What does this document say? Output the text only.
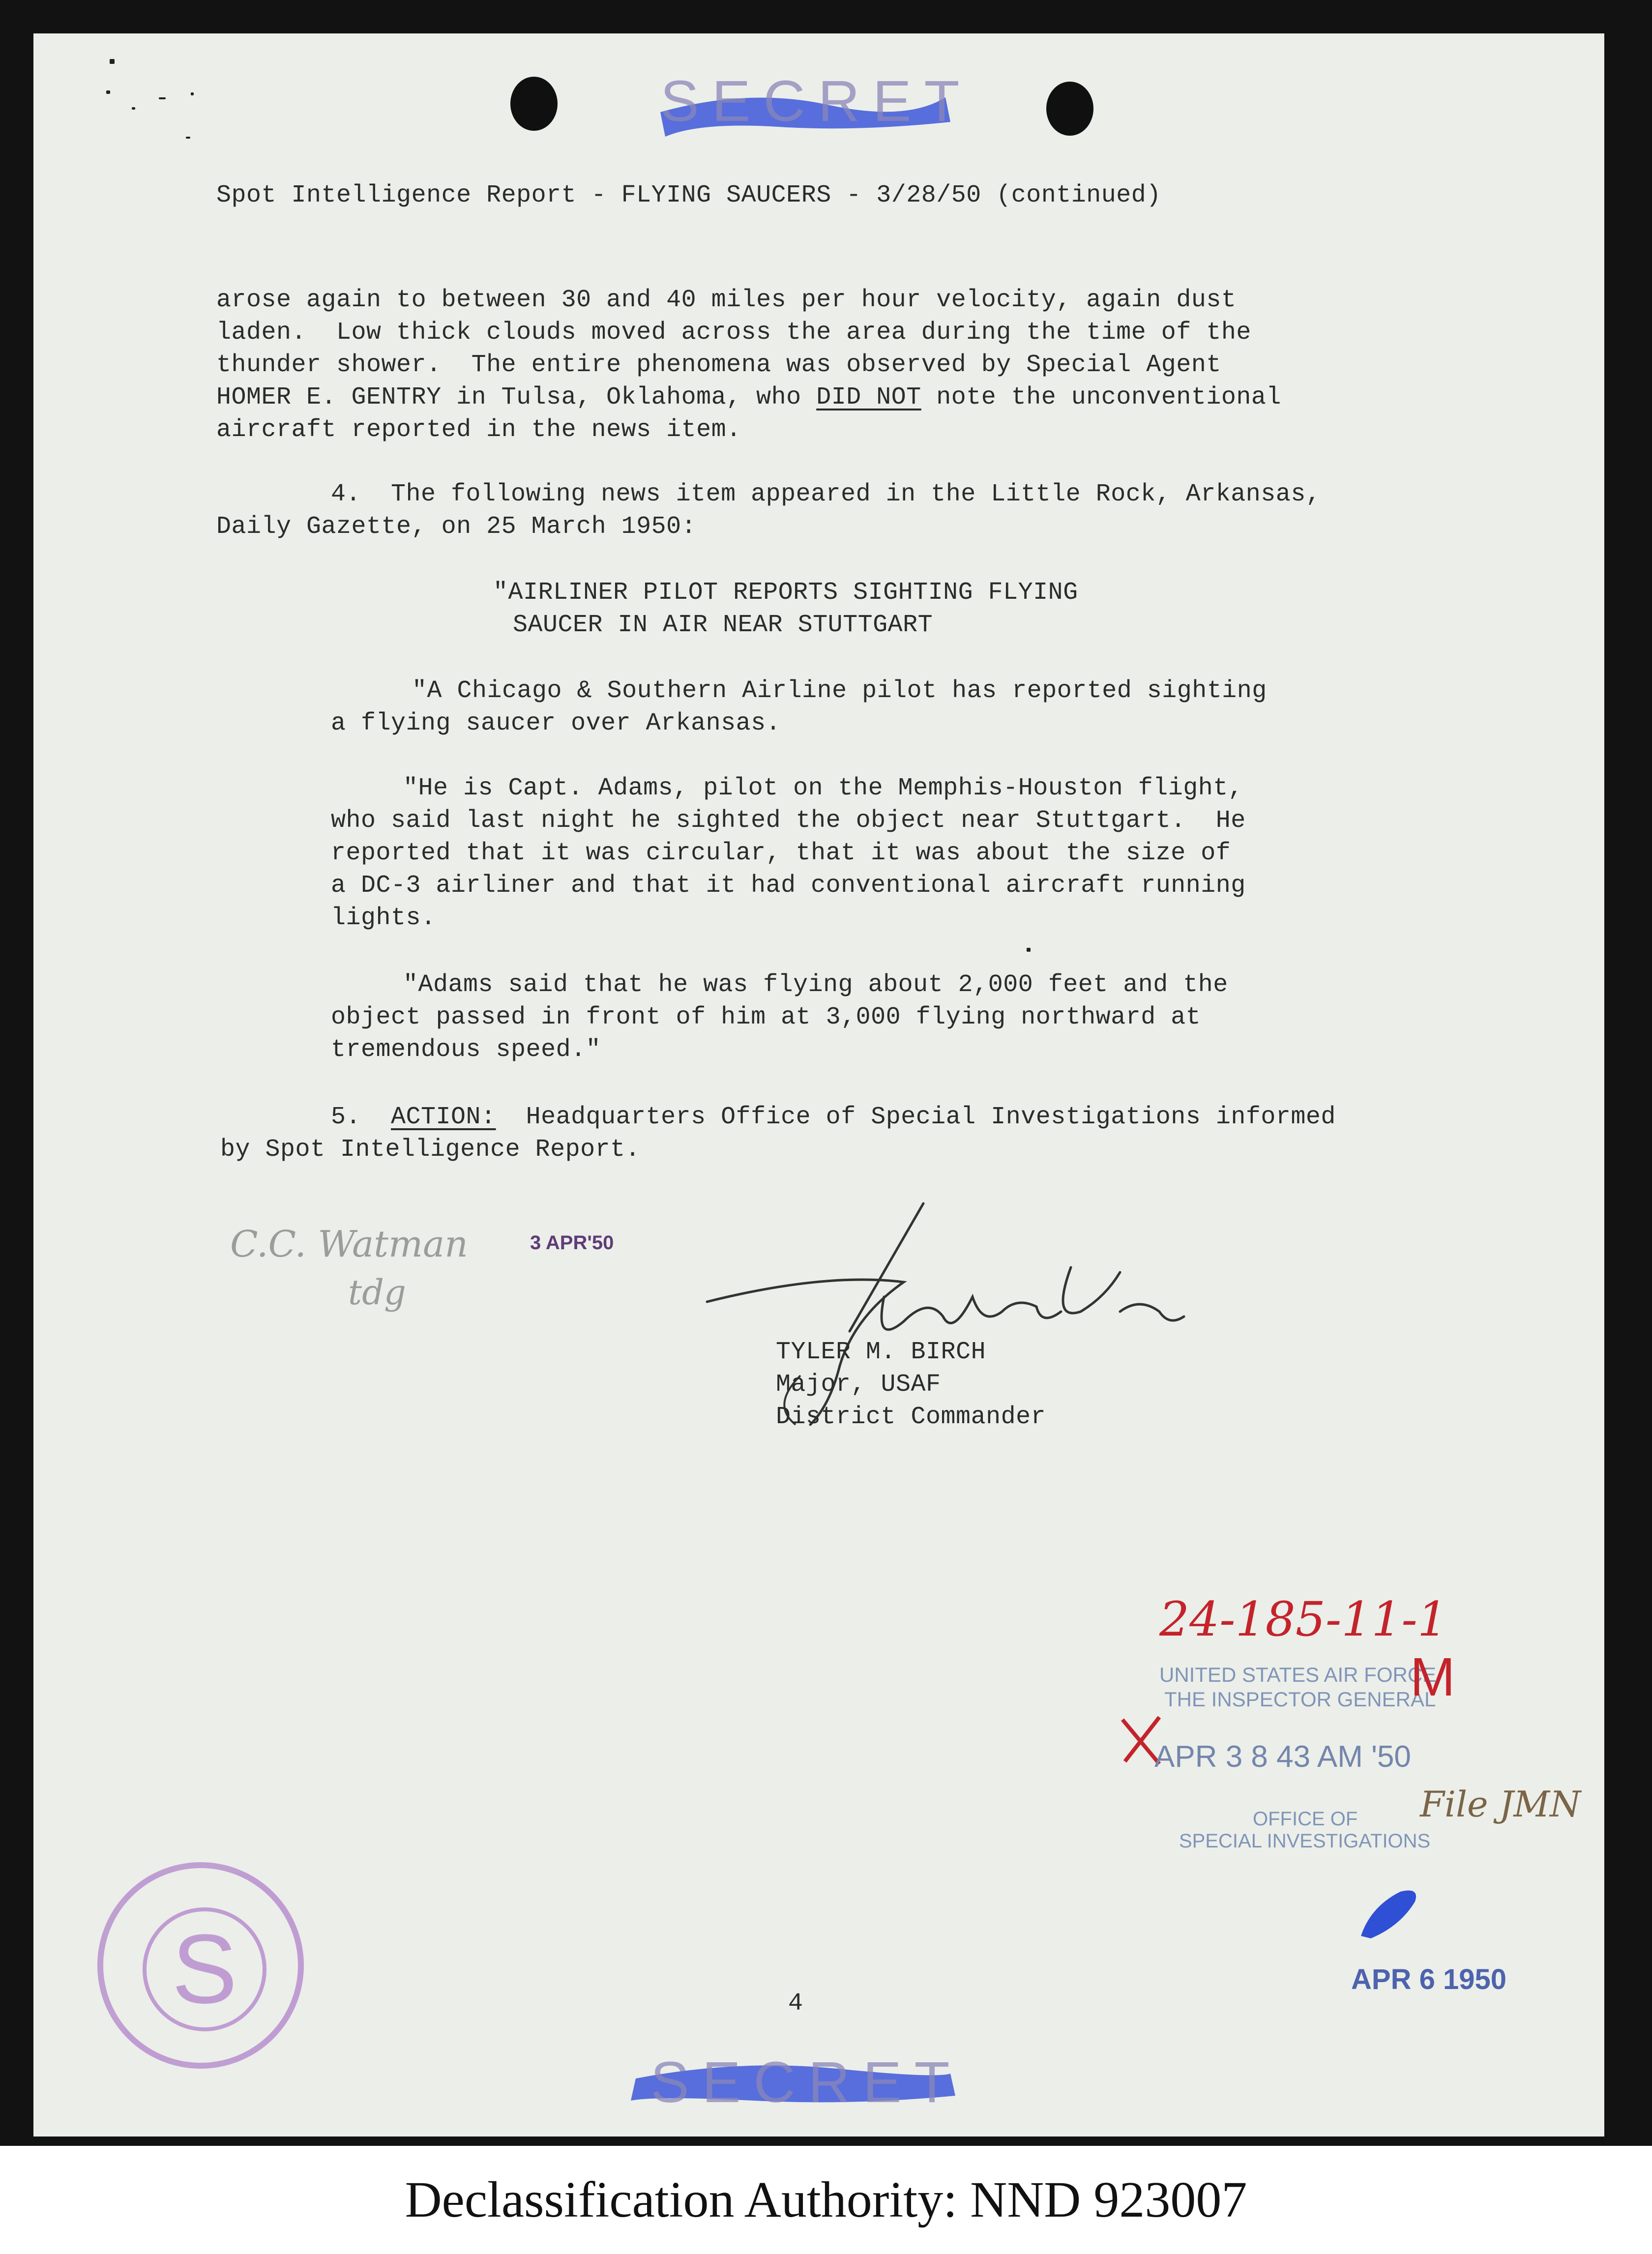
SECRET
Spot Intelligence Report - FLYING SAUCERS - 3/28/50 (continued)
arose again to between 30 and 40 miles per hour velocity, again dust
laden.  Low thick clouds moved across the area during the time of the
thunder shower.  The entire phenomena was observed by Special Agent
HOMER E. GENTRY in Tulsa, Oklahoma, who DID NOT note the unconventional
aircraft reported in the news item.
4.  The following news item appeared in the Little Rock, Arkansas,
Daily Gazette, on 25 March 1950:
"AIRLINER PILOT REPORTS SIGHTING FLYING
SAUCER IN AIR NEAR STUTTGART
"A Chicago & Southern Airline pilot has reported sighting
a flying saucer over Arkansas.
"He is Capt. Adams, pilot on the Memphis-Houston flight,
who said last night he sighted the object near Stuttgart.  He
reported that it was circular, that it was about the size of
a DC-3 airliner and that it had conventional aircraft running
lights.
"Adams said that he was flying about 2,000 feet and the
object passed in front of him at 3,000 flying northward at
tremendous speed."
5.  ACTION:  Headquarters Office of Special Investigations informed
by Spot Intelligence Report.
C.C. Watman
tdg
3 APR'50
TYLER M. BIRCH
Major, USAF
District Commander
24-185-11-1
UNITED STATES AIR FORCE
THE INSPECTOR GENERAL
M
APR 3 8 43 AM '50
OFFICE OF
SPECIAL INVESTIGATIONS
File JMN
APR 6 1950
S	4
SECRET
Declassification Authority: NND 923007
